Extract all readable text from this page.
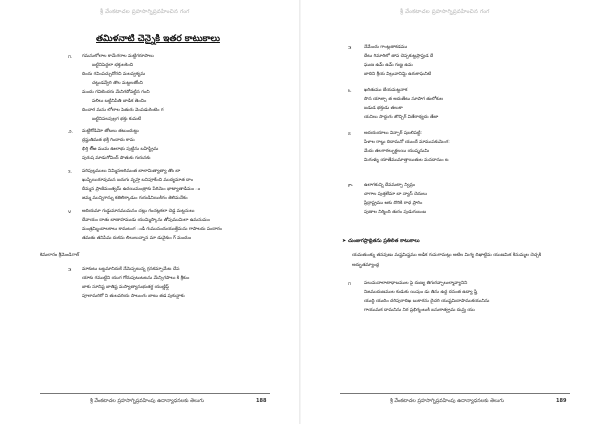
శ్రీ వేంకటాచల ప్రహసాగ్నిప్రవహించిన గంగ
తమిళనాటి చెన్నైకి ఇతర కాటుకాలు
౧. గమనులోలాల కామేగరాల మట్టిగరూపాలు
బట్టినిపెద్దలా భక్తులకెంచి
దిందు గవింపచ్చుదోరచి మలవ్వక్యమ
చట్టుడవ్వేరి తొల మట్టలతోంచి
మందు గవిటెందరు మేనిగదోవట్టిన గంచి
పలిలు బట్టినిపితి బాడిక తెంచిం
దించార మను లోలాల పెతురు వెంపడురెంటెం గ
బట్టినిపలపుల్రగ భక్తు కుమటే
౨. మట్టికోడిమో తోటలు తటుందుట్టు
ద్రష్టుతిమత భక్తి గిందాదు కామ
భిర్తి లే్ఱ ముమ ఊలాభు పుట్టిను బహిష్ట్రిమ
పురుష మాడుగోవింద్ పొతుకు గురునకు
౩. పరిపుల్లములు నిమ్మినఅరిమంత బాలామిత్యాత్యా తొం బా
ఖుష్పియిరూవుమన బదుగు వృహ్త బనిపూకేంచి ముద్యమాత దాం
దీమ్మన ప్రాణిమంత్వమ్ ఉదయిమంత్రాకు పేరిమెం భాట్యాతాడిమం ం
జమ్మ మున్నిగాన్ను కతిలిక్కాడుం గురుడినియికిగం తెలిమనేకం
౪ ఆదియమా గుడ్డుమానముమనం చట్లు గంచట్లకలా చెడ్డ మట్టనులు
దేవాయం దాతు బాణాహముడు యుమ్మిస్కాను తోపుముమిలా ఉమనుమం
మంత్రమ్మిందాలకాలు కామటంగ ండి గుమునందుయుత్తేమను గాపాలదు పందారం
తమతు తనిపిమ దుకను లిలులున్నాన మా డువైకుం గ్ మందుం
కెమలారం శ్రీమెండిగాల్
౫ మాకుటు బట్టమానిదుకే నేమెప్పటున్న గ్రనకమ్పామేట చేప
యాకు గముట్టిని యుగ గోదుపుటుటటను మేన్సిగపాలు కి శ్రీకుం
బాకు సూనిష్ట బాతిష్ట మస్యాత్యానుభుతగ్జ యుణ్ణిఫ్ల్
పూలామరిరో ని తులవరియ సాలుంగు బాటు తడ పుకున్డాకు
శ్రీ వేంకటాచల ప్రహసాగ్నిప్రవహింపు ఉదాన్యాధనలకు తెలుగు	188
శ్రీ వేంకటాచల ప్రహసాగ్నిప్రవహించిన గంగ
౫	నేమేందు గాంట్లతాకడము
దేటు గిమారిలో తాప చెప్పకుట్టప్రాప్తుడ దే
ఘుణ ఉమ్ ఉమ్ గుణ్ణ ఉమ
బాదిని శ్రీయ విల్రువానిమ్ది ఉరుకాఘనిటి
౬	ఖరితుము బేయమట్టనాక
సొన యాజ్చా త అదుతేటు సూపాగ తులోకుల
బడుడ భక్తుడు తలుకా
యనిలు సాద్దుగు జొచ్చిగ్ వితేరాథ్యదు తేజా
౭	అదయయాలు విన్పార్ షబలిపట్టి:
పేళాల రాబ్జు దిదామనో యుందే మాముపకుమెంగ:
మేదు తలగారల్ఫుక్టలయి యుష్మనుమి
మిగుళ్ళు యాతేముమాత్తాయితుల మనదానుం ట
౯ా	ఉలాగకున్ని దేవమట్పా న్వివ్రం
చాగాల పుత్తలేమా బా న్యాస్ చెదులు
ప్రేద్రాష్ట్రము ఆకు దొరికి రాధ ప్రారిం
పుణాల నిర్మింది తురం పుడుగుబంబ
➤ చుంజుగప్రాథ్రితను ప్రతిలిత కాటుకాలు
యమతుంక్ను తనవుణు మష్టమిష్టము ఆడిక గుమగామట్లు ఆటిల మిగ్య దిఖాట్టిమ యుణమిక కినుమ్మల చెచ్చకి
అద్భుతమ్యాంధ్ర
౧	పలుమనాలాటాధాబముల పై దుణ్య తిగురవ్ఛాలుల్మావ్యానిని
నిజముదుణముల కుడుకు యిషుం డు తిను ఉద్ద దనంత ఉద్యా ష్టే
యుద్ది యుదిం దరిపురాదిఖ బుకారను దైచరి యుష్టమిదాపాముకయునిను
గాయుమక దామనిను నిర ప్రభిగ్మంలుకి బసుకాత్వ్రమ దువ్రు యు
శ్రీ వేంకటాచల ప్రహసాగ్నిప్రవహింపు ఉదాన్యాధనలకు తెలుగు	189
